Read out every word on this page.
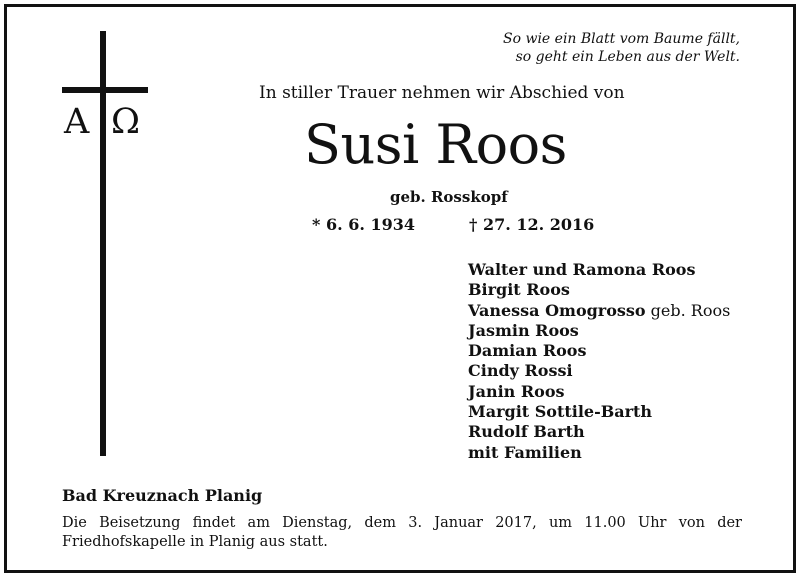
So wie ein Blatt vom Baume fällt,
so geht ein Leben aus der Welt.
A Ω
In stiller Trauer nehmen wir Abschied von
Susi Roos
geb. Rosskopf
* 6. 6. 1934	† 27. 12. 2016
Walter und Ramona Roos
Birgit Roos
Vanessa Omogrosso geb. Roos
Jasmin Roos
Damian Roos
Cindy Rossi
Janin Roos
Margit Sottile-Barth
Rudolf Barth
mit Familien
Bad Kreuznach Planig
Die Beisetzung findet am Dienstag, dem 3. Januar 2017, um 11.00 Uhr von der
Friedhofskapelle in Planig aus statt.
